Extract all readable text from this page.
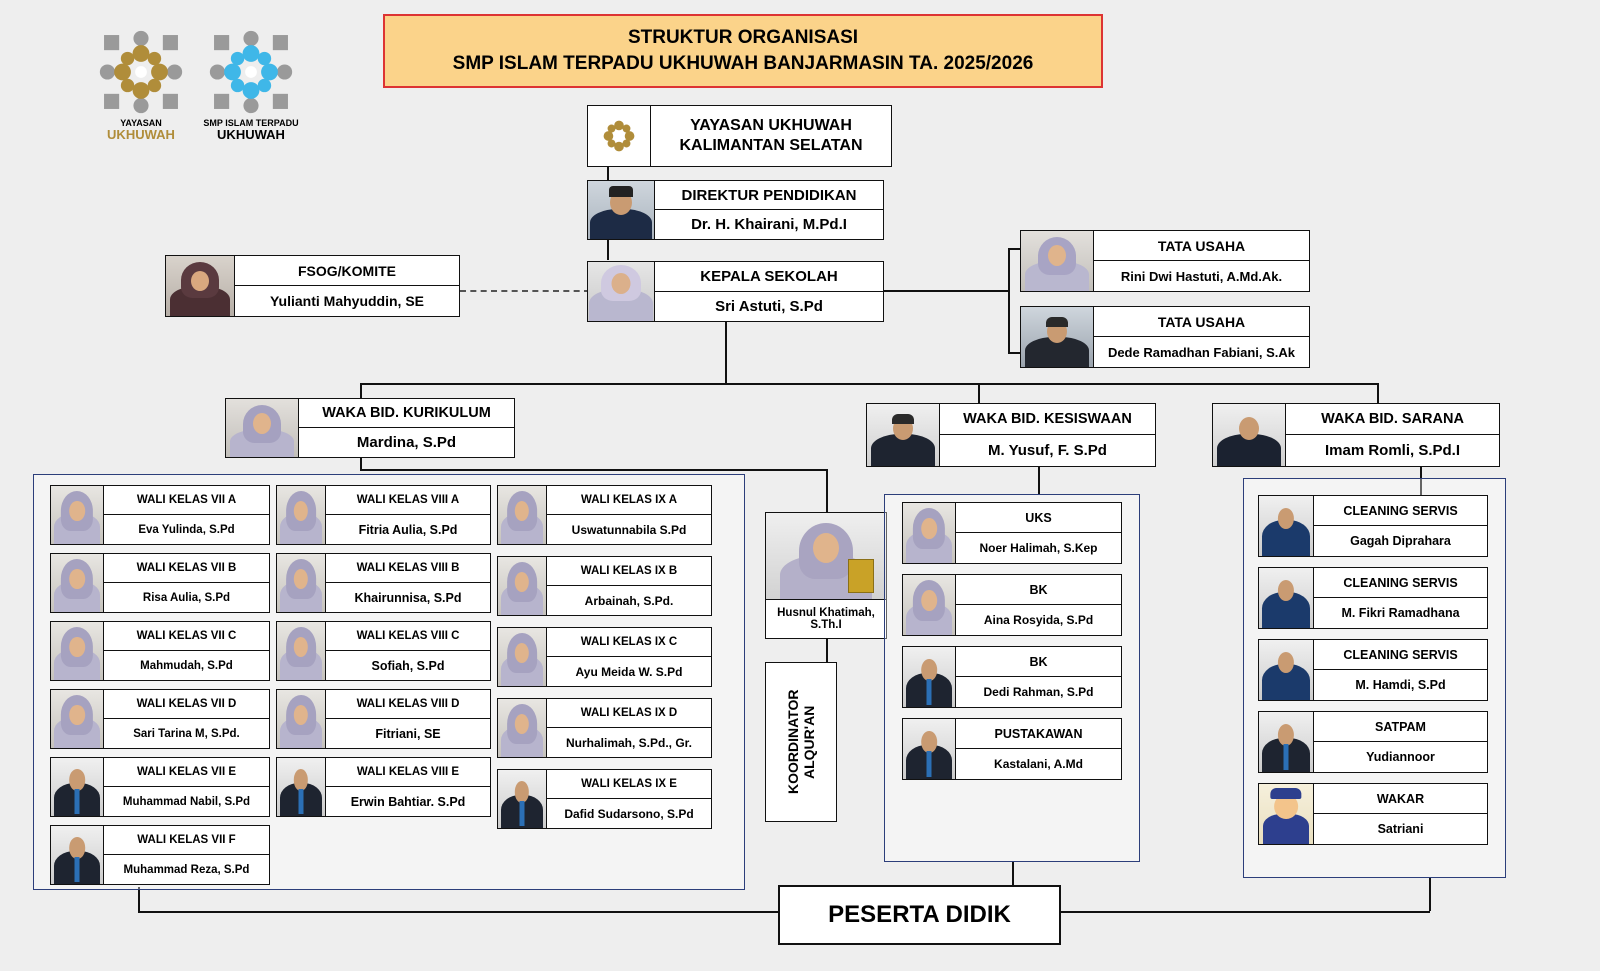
YAYASAN
UKHUWAH
SMP ISLAM TERPADU
UKHUWAH
STRUKTUR ORGANISASI
SMP ISLAM TERPADU UKHUWAH BANJARMASIN TA. 2025/2026
YAYASAN UKHUWAH
KALIMANTAN SELATAN
DIREKTUR PENDIDIKAN
Dr. H. Khairani, M.Pd.I
KEPALA SEKOLAH
Sri Astuti, S.Pd
FSOG/KOMITE
Yulianti Mahyuddin, SE
TATA USAHA
Rini Dwi Hastuti, A.Md.Ak.
TATA USAHA
Dede Ramadhan Fabiani, S.Ak
WAKA BID. KURIKULUM
Mardina, S.Pd
WAKA BID. KESISWAAN
M. Yusuf, F. S.Pd
WAKA BID. SARANA
Imam Romli, S.Pd.I
WALI KELAS VII A
Eva Yulinda, S.Pd
WALI KELAS VII B
Risa Aulia, S.Pd
WALI KELAS VII C
Mahmudah, S.Pd
WALI KELAS VII D
Sari Tarina M, S.Pd.
WALI KELAS VII E
Muhammad Nabil, S.Pd
WALI KELAS VII F
Muhammad Reza, S.Pd
WALI KELAS VIII A
Fitria Aulia, S.Pd
WALI KELAS VIII B
Khairunnisa, S.Pd
WALI KELAS VIII C
Sofiah, S.Pd
WALI KELAS VIII D
Fitriani, SE
WALI KELAS VIII E
Erwin Bahtiar. S.Pd
WALI KELAS IX A
Uswatunnabila S.Pd
WALI KELAS IX B
Arbainah, S.Pd.
WALI KELAS IX C
Ayu Meida W. S.Pd
WALI KELAS IX D
Nurhalimah, S.Pd., Gr.
WALI KELAS IX E
Dafid Sudarsono, S.Pd
Husnul Khatimah, S.Th.I
KOORDINATOR ALQUR'AN
UKS
Noer Halimah, S.Kep
BK
Aina Rosyida, S.Pd
BK
Dedi Rahman, S.Pd
PUSTAKAWAN
Kastalani, A.Md
CLEANING SERVIS
Gagah Diprahara
CLEANING SERVIS
M. Fikri Ramadhana
CLEANING SERVIS
M. Hamdi, S.Pd
SATPAM
Yudiannoor
WAKAR
Satriani
PESERTA DIDIK
